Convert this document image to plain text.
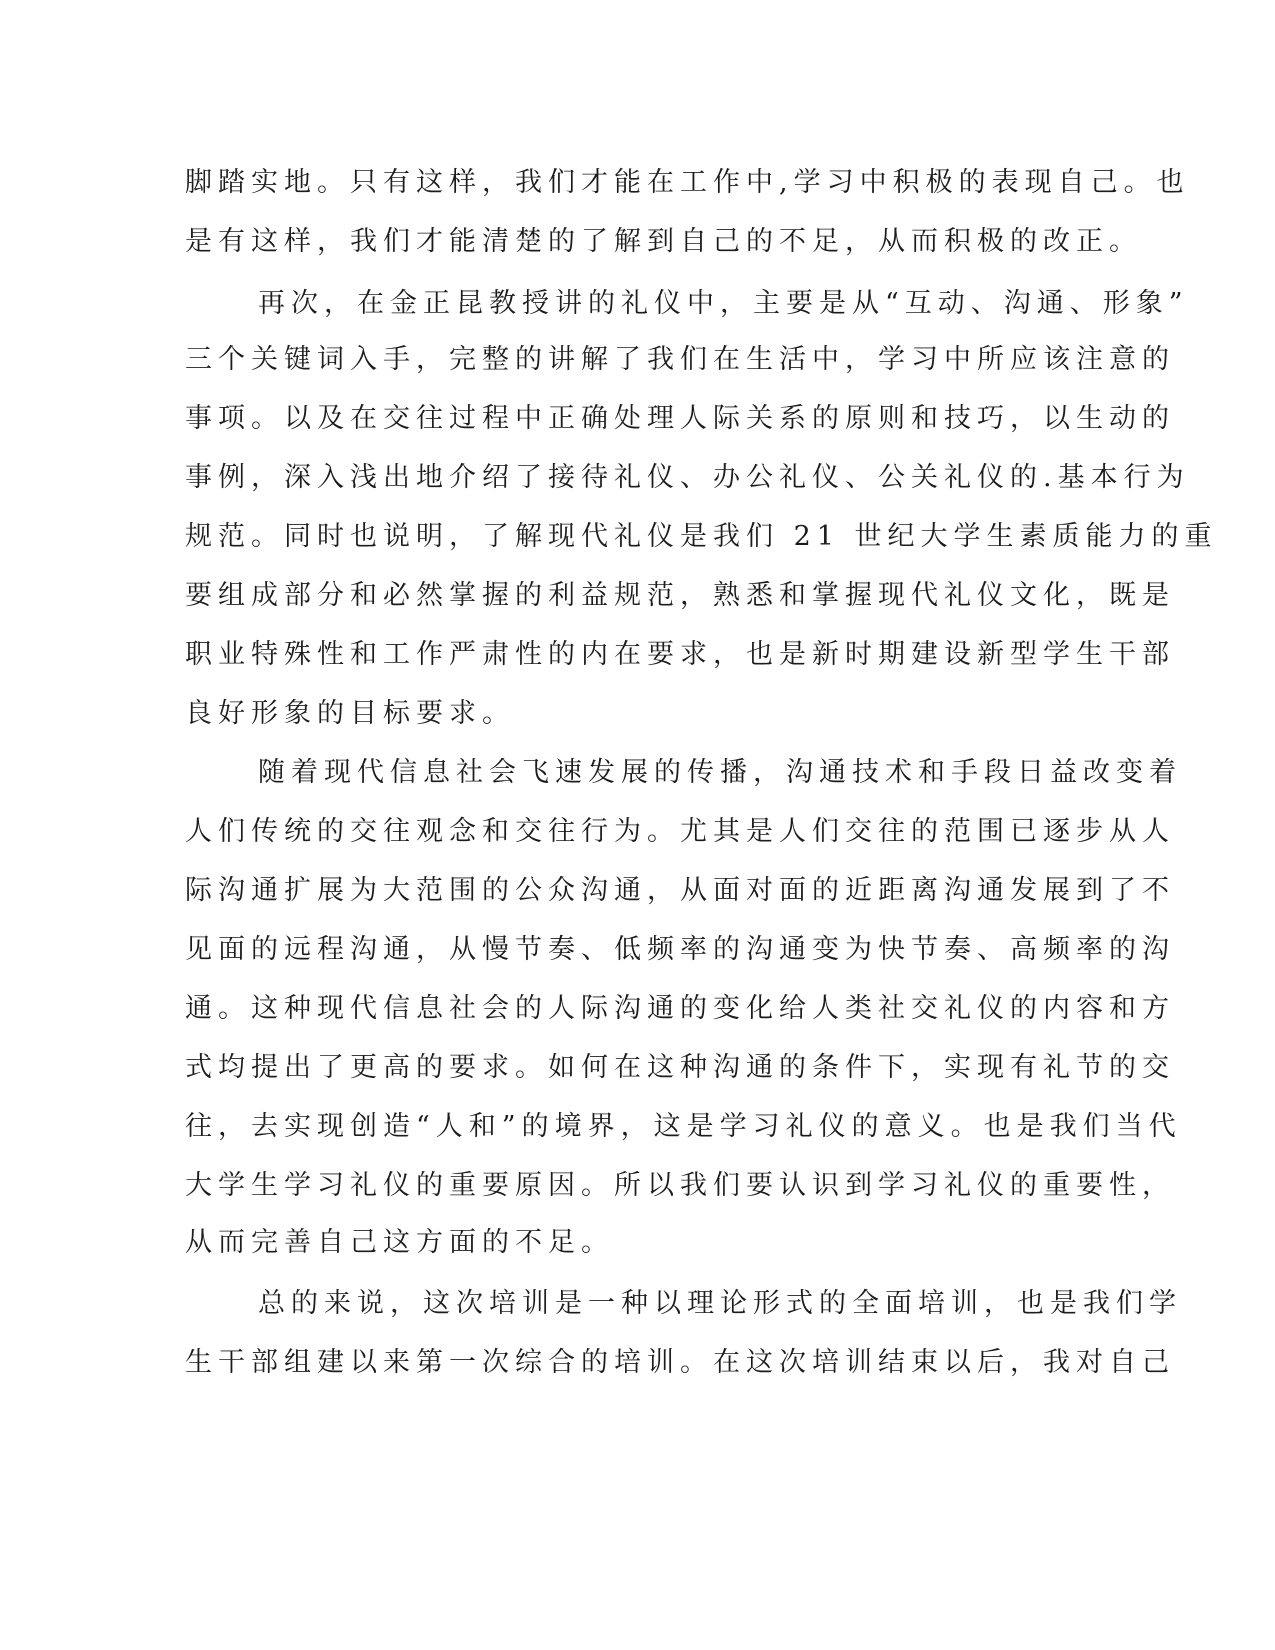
脚踏实地。只有这样，我们才能在工作中,学习中积极的表现自己。也
是有这样，我们才能清楚的了解到自己的不足，从而积极的改正。
再次，在金正昆教授讲的礼仪中，主要是从“互动、沟通、形象”
三个关键词入手，完整的讲解了我们在生活中，学习中所应该注意的
事项。以及在交往过程中正确处理人际关系的原则和技巧，以生动的
事例，深入浅出地介绍了接待礼仪、办公礼仪、公关礼仪的.基本行为
规范。同时也说明，了解现代礼仪是我们 21 世纪大学生素质能力的重
要组成部分和必然掌握的利益规范，熟悉和掌握现代礼仪文化，既是
职业特殊性和工作严肃性的内在要求，也是新时期建设新型学生干部
良好形象的目标要求。
随着现代信息社会飞速发展的传播，沟通技术和手段日益改变着
人们传统的交往观念和交往行为。尤其是人们交往的范围已逐步从人
际沟通扩展为大范围的公众沟通，从面对面的近距离沟通发展到了不
见面的远程沟通，从慢节奏、低频率的沟通变为快节奏、高频率的沟
通。这种现代信息社会的人际沟通的变化给人类社交礼仪的内容和方
式均提出了更高的要求。如何在这种沟通的条件下，实现有礼节的交
往，去实现创造“人和”的境界，这是学习礼仪的意义。也是我们当代
大学生学习礼仪的重要原因。所以我们要认识到学习礼仪的重要性，
从而完善自己这方面的不足。
总的来说，这次培训是一种以理论形式的全面培训，也是我们学
生干部组建以来第一次综合的培训。在这次培训结束以后，我对自己
